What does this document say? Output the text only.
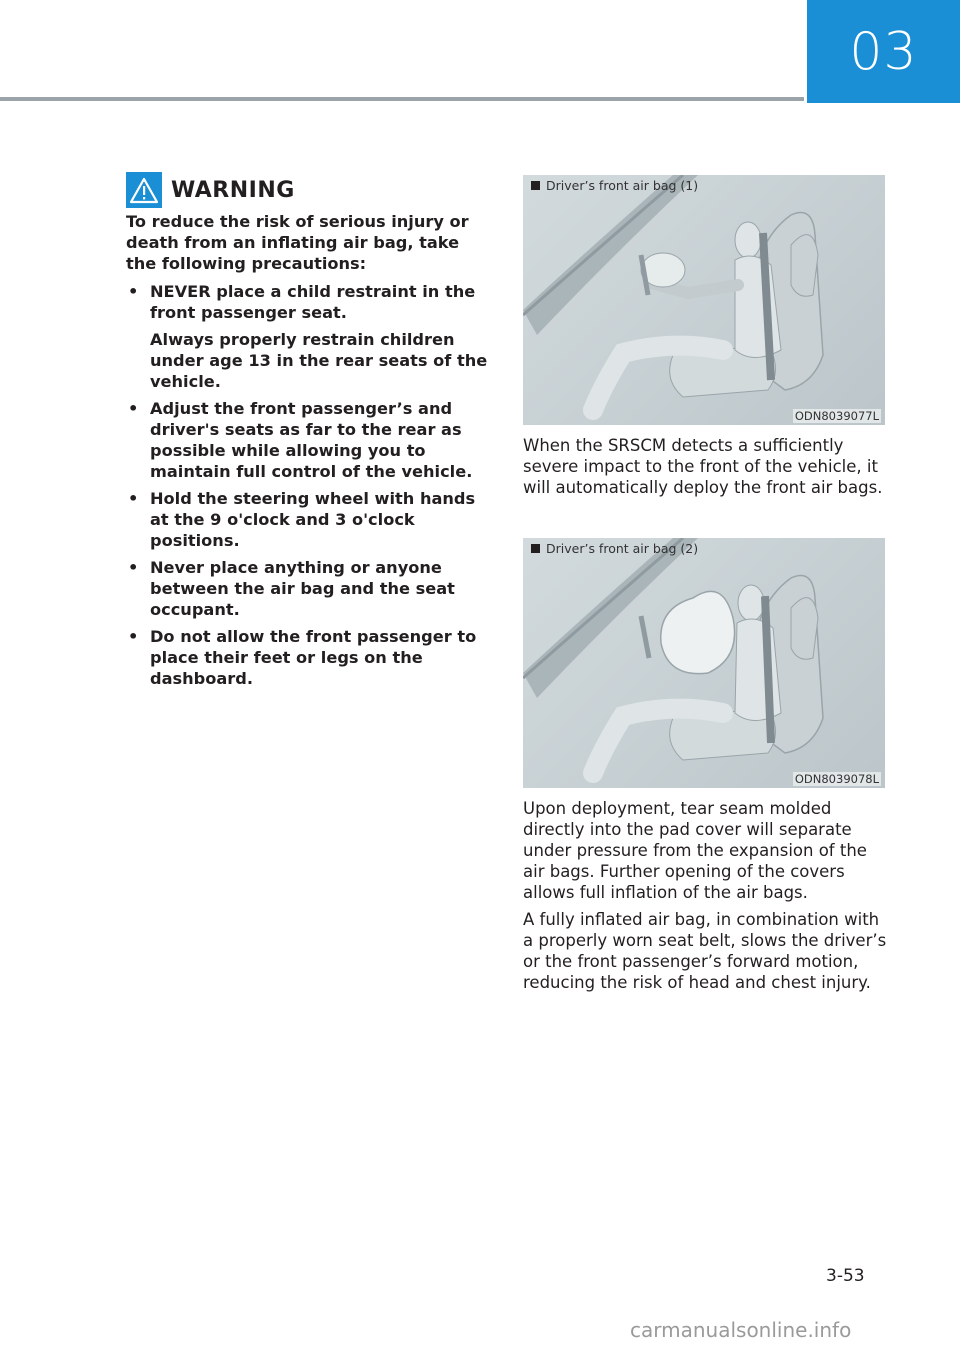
03
WARNING

To reduce the risk of serious injury or death from an inflating air bag, take the following precautions:

• NEVER place a child restraint in the front passenger seat.
Always properly restrain children under age 13 in the rear seats of the vehicle.
• Adjust the front passenger’s and driver's seats as far to the rear as possible while allowing you to maintain full control of the vehicle.
• Hold the steering wheel with hands at the 9 o'clock and 3 o'clock positions.
• Never place anything or anyone between the air bag and the seat occupant.
• Do not allow the front passenger to place their feet or legs on the dashboard.
Driver’s front air bag (1)
ODN8039077L

When the SRSCM detects a sufficiently severe impact to the front of the vehicle, it will automatically deploy the front air bags.

Driver’s front air bag (2)
ODN8039078L

Upon deployment, tear seam molded directly into the pad cover will separate under pressure from the expansion of the air bags. Further opening of the covers allows full inflation of the air bags.

A fully inflated air bag, in combination with a properly worn seat belt, slows the driver’s or the front passenger’s forward motion, reducing the risk of head and chest injury.

3-53
carmanualsonline.info
